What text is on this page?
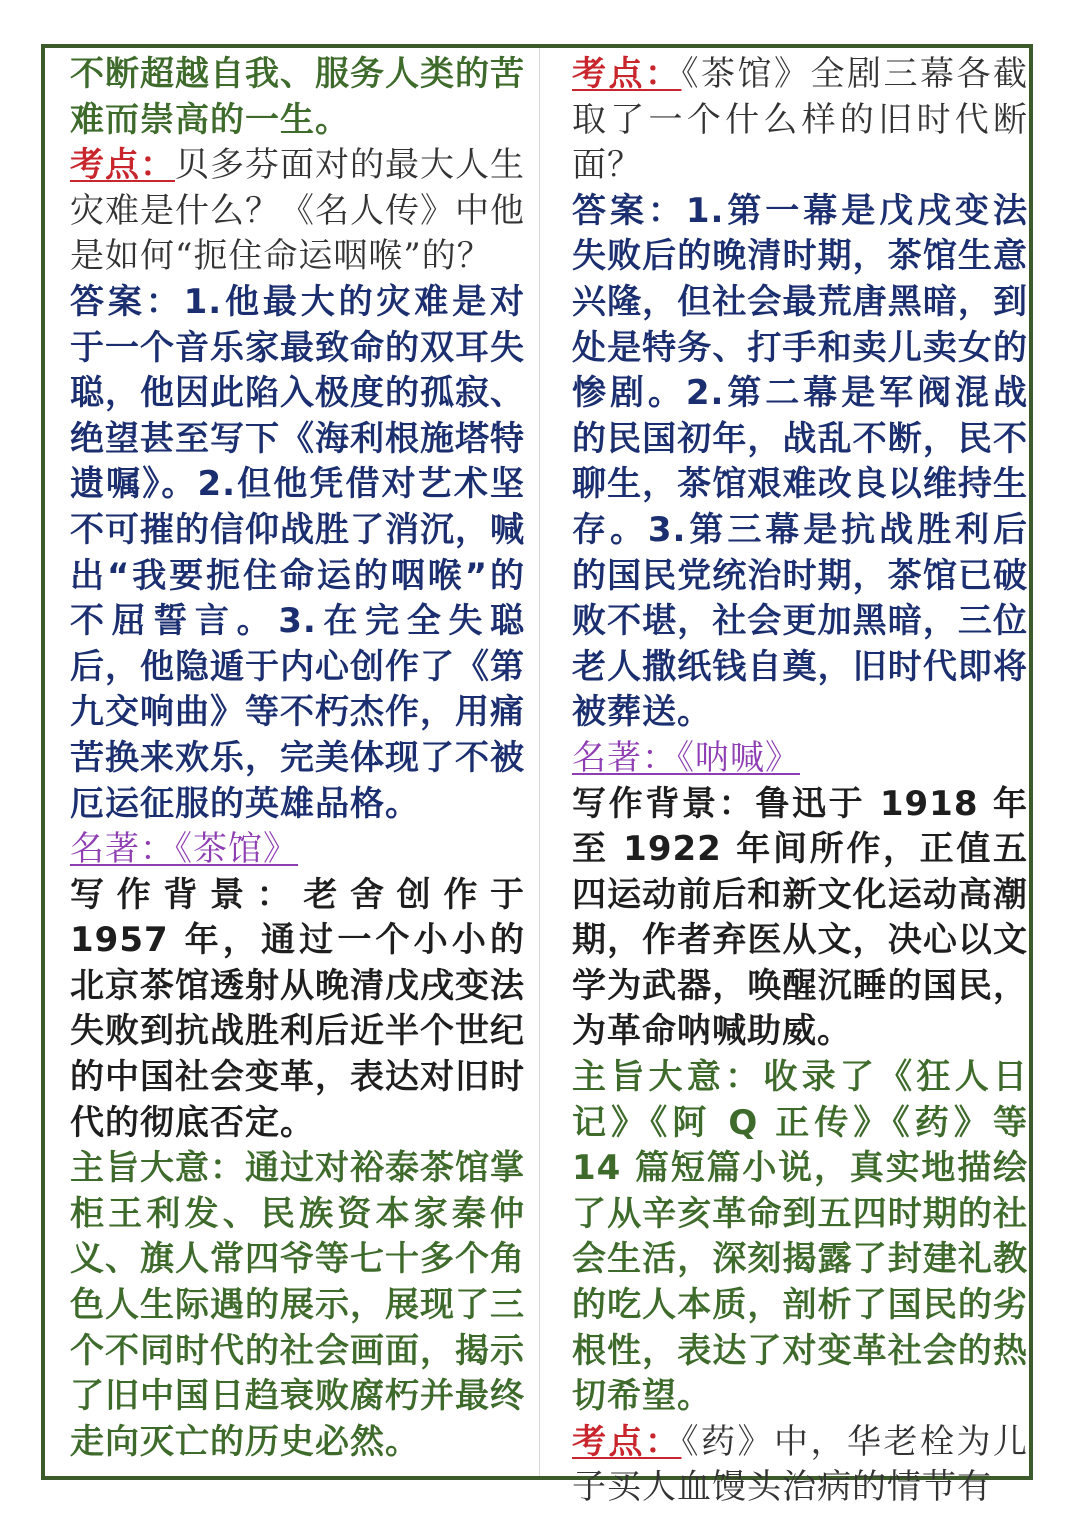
不断超越自我、服务人类的苦难而崇高的一生。

考点：贝多芬面对的最大人生灾难是什么？《名人传》中他是如何“扼住命运咽喉”的？

答案：1.他最大的灾难是对于一个音乐家最致命的双耳失聪，他因此陷入极度的孤寂、绝望甚至写下《海利根施塔特遗嘱》。2.但他凭借对艺术坚不可摧的信仰战胜了消沉，喊出“我要扼住命运的咽喉”的不屈誓言。3.在完全失聪后，他隐遁于内心创作了《第九交响曲》等不朽杰作，用痛苦换来欢乐，完美体现了不被厄运征服的英雄品格。

名著：《茶馆》

写作背景：老舍创作于 1957 年，通过一个小小的北京茶馆透射从晚清戊戌变法失败到抗战胜利后近半个世纪的中国社会变革，表达对旧时代的彻底否定。

主旨大意：通过对裕泰茶馆掌柜王利发、民族资本家秦仲义、旗人常四爷等七十多个角色人生际遇的展示，展现了三个不同时代的社会画面，揭示了旧中国日趋衰败腐朽并最终走向灭亡的历史必然。

考点：《茶馆》全剧三幕各截取了一个什么样的旧时代断面？

答案：1.第一幕是戊戌变法失败后的晚清时期，茶馆生意兴隆，但社会最荒唐黑暗，到处是特务、打手和卖儿卖女的惨剧。2.第二幕是军阀混战的民国初年，战乱不断，民不聊生，茶馆艰难改良以维持生存。3.第三幕是抗战胜利后的国民党统治时期，茶馆已破败不堪，社会更加黑暗，三位老人撒纸钱自奠，旧时代即将被葬送。

名著：《呐喊》

写作背景：鲁迅于 1918 年至 1922 年间所作，正值五四运动前后和新文化运动高潮期，作者弃医从文，决心以文学为武器，唤醒沉睡的国民，为革命呐喊助威。

主旨大意：收录了《狂人日记》《阿 Q 正传》《药》等 14 篇短篇小说，真实地描绘了从辛亥革命到五四时期的社会生活，深刻揭露了封建礼教的吃人本质，剖析了国民的劣根性，表达了对变革社会的热切希望。

考点：《药》中，华老栓为儿子买人血馒头治病的情节有
